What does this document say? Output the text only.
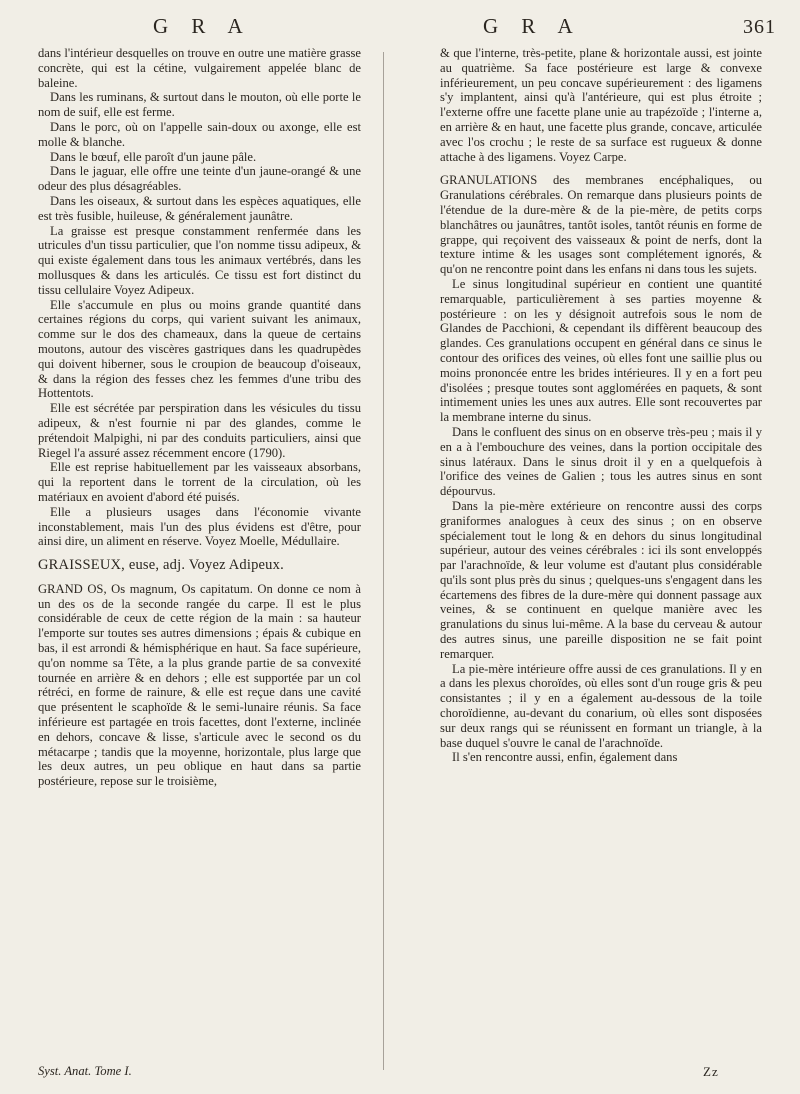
G R A	G R A	361

dans l'intérieur desquelles on trouve en outre une matière grasse concrète, qui est la cétine, vulgairement appelée blanc de baleine.

Dans les ruminans, & surtout dans le mouton, où elle porte le nom de suif, elle est ferme.

Dans le porc, où on l'appelle sain-doux ou axonge, elle est molle & blanche.

Dans le bœuf, elle paroît d'un jaune pâle.

Dans le jaguar, elle offre une teinte d'un jaune-orangé & une odeur des plus désagréables.

Dans les oiseaux, & surtout dans les espèces aquatiques, elle est très fusible, huileuse, & généralement jaunâtre.

La graisse est presque constamment renfermée dans les utricules d'un tissu particulier, que l'on nomme tissu adipeux, & qui existe également dans tous les animaux vertébrés, dans les mollusques & dans les articulés. Ce tissu est fort distinct du tissu cellulaire Voyez Adipeux.

Elle s'accumule en plus ou moins grande quantité dans certaines régions du corps, qui varient suivant les animaux, comme sur le dos des chameaux, dans la queue de certains moutons, autour des viscères gastriques dans les quadrupèdes qui doivent hiberner, sous le croupion de beaucoup d'oiseaux, & dans la région des fesses chez les femmes d'une tribu des Hottentots.

Elle est sécrétée par perspiration dans les vésicules du tissu adipeux, & n'est fournie ni par des glandes, comme le prétendoit Malpighi, ni par des conduits particuliers, ainsi que Riegel l'a assuré assez récemment encore (1790).

Elle est reprise habituellement par les vaisseaux absorbans, qui la reportent dans le torrent de la circulation, où les matériaux en avoient d'abord été puisés.

Elle a plusieurs usages dans l'économie vivante inconstablement, mais l'un des plus évidens est d'être, pour ainsi dire, un aliment en réserve. Voyez Moelle, Médullaire.

GRAISSEUX, euse, adj. Voyez Adipeux.

GRAND OS, Os magnum, Os capitatum. On donne ce nom à un des os de la seconde rangée du carpe. Il est le plus considérable de ceux de cette région de la main : sa hauteur l'emporte sur toutes ses autres dimensions ; épais & cubique en bas, il est arrondi & hémisphérique en haut. Sa face supérieure, qu'on nomme sa Tête, a la plus grande partie de sa convexité tournée en arrière & en dehors ; elle est supportée par un col rétréci, en forme de rainure, & elle est reçue dans une cavité que présentent le scaphoïde & le semi-lunaire réunis. Sa face inférieure est partagée en trois facettes, dont l'externe, inclinée en dehors, concave & lisse, s'articule avec le second os du métacarpe ; tandis que la moyenne, horizontale, plus large que les deux autres, un peu oblique en haut dans sa partie postérieure, repose sur le troisième,

& que l'interne, très-petite, plane & horizontale aussi, est jointe au quatrième. Sa face postérieure est large & convexe inférieurement, un peu concave supérieurement : des ligamens s'y implantent, ainsi qu'à l'antérieure, qui est plus étroite ; l'externe offre une facette plane unie au trapézoïde ; l'interne a, en arrière & en haut, une facette plus grande, concave, articulée avec l'os crochu ; le reste de sa surface est rugueux & donne attache à des ligamens. Voyez Carpe.

GRANULATIONS des membranes encéphaliques, ou Granulations cérébrales. On remarque dans plusieurs points de l'étendue de la dure-mère & de la pie-mère, de petits corps blanchâtres ou jaunâtres, tantôt isoles, tantôt réunis en forme de grappe, qui reçoivent des vaisseaux & point de nerfs, dont la texture intime & les usages sont complétement ignorés, & qu'on ne rencontre point dans les enfans ni dans tous les sujets.

Le sinus longitudinal supérieur en contient une quantité remarquable, particulièrement à ses parties moyenne & postérieure : on les y désignoit autrefois sous le nom de Glandes de Pacchioni, & cependant ils diffèrent beaucoup des glandes. Ces granulations occupent en général dans ce sinus le contour des orifices des veines, où elles font une saillie plus ou moins prononcée entre les brides intérieures. Il y en a fort peu d'isolées ; presque toutes sont agglomérées en paquets, & sont intimement unies les unes aux autres. Elle sont recouvertes par la membrane interne du sinus.

Dans le confluent des sinus on en observe très-peu ; mais il y en a à l'embouchure des veines, dans la portion occipitale des sinus latéraux. Dans le sinus droit il y en a quelquefois à l'orifice des veines de Galien ; tous les autres sinus en sont dépourvus.

Dans la pie-mère extérieure on rencontre aussi des corps graniformes analogues à ceux des sinus ; on en observe spécialement tout le long & en dehors du sinus longitudinal supérieur, autour des veines cérébrales : ici ils sont enveloppés par l'arachnoïde, & leur volume est d'autant plus considérable qu'ils sont plus près du sinus ; quelques-uns s'engagent dans les écartemens des fibres de la dure-mère qui donnent passage aux veines, & se continuent en quelque manière avec les granulations du sinus lui-même. A la base du cerveau & autour des autres sinus, une pareille disposition ne se fait point remarquer.

La pie-mère intérieure offre aussi de ces granulations. Il y en a dans les plexus choroïdes, où elles sont d'un rouge gris & peu consistantes ; il y en a également au-dessous de la toile choroïdienne, au-devant du conarium, où elles sont disposées sur deux rangs qui se réunissent en formant un triangle, à la base duquel s'ouvre le canal de l'arachnoïde.

Il s'en rencontre aussi, enfin, également dans

Syst. Anat. Tome I.	Zz
